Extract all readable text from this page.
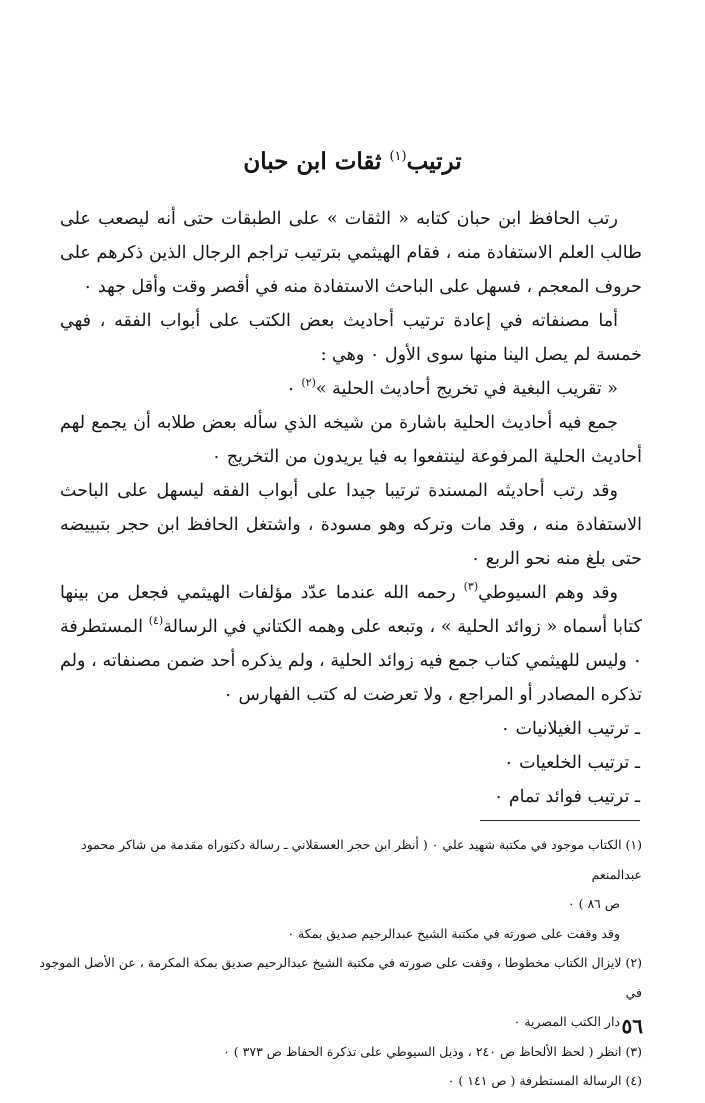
ترتيب$^{(١)}$ ثقات ابن حبان

رتب الحافظ ابن حبان كتابه « الثقات » على الطبقات حتى أنه ليصعب على طالب العلم الاستفادة منه ، فقام الهيثمي بترتيب تراجم الرجال الذين ذكرهم على حروف المعجم ، فسهل على الباحث الاستفادة منه في أقصر وقت وأقل جهد ٠

أما مصنفاته في إعادة ترتيب أحاديث بعض الكتب على أبواب الفقه ، فهي خمسة لم يصل الينا منها سوى الأول ٠ وهي :

« تقريب البغية في تخريج أحاديث الحلية »$^{(٢)}$ ٠

جمع فيه أحاديث الحلية باشارة من شيخه الذي سأله بعض طلابه أن يجمع لهم أحاديث الحلية المرفوعة لينتفعوا به فيا يريدون من التخريج ٠

وقد رتب أحاديثه المسندة ترتيبا جيدا على أبواب الفقه ليسهل على الباحث الاستفادة منه ، وقد مات وتركه وهو مسودة ، واشتغل الحافظ ابن حجر بتبييضه حتى بلغ منه نحو الربع ٠

وقد وهم السيوطي$^{(٣)}$ رحمه الله عندما عدّد مؤلفات الهيثمي فجعل من بينها كتابا أسماه « زوائد الحلية » ، وتبعه على وهمه الكتاني في الرسالة$^{(٤)}$ المستطرفة ٠ وليس للهيثمي كتاب جمع فيه زوائد الحلية ، ولم يذكره أحد ضمن مصنفاته ، ولم تذكره المصادر أو المراجع ، ولا تعرضت له كتب الفهارس ٠

ـ ترتيب الغيلانيات ٠

ـ ترتيب الخلعيات ٠

ـ ترتيب فوائد تمام ٠

(١) الكتاب موجود في مكتبة شهيد علي ٠ ( أنظر ابن حجر العسقلاني ـ رسالة دكتوراه مقدمة من شاكر محمود عبدالمنعم

ص ٨٦ ) ٠

وقد وقفت على صورته في مكتبة الشيخ عبدالرحيم صديق بمكة ٠

(٢) لايزال الكتاب مخطوطا ، وقفت على صورته في مكتبة الشيخ عبدالرحيم صديق بمكة المكرمة ، عن الأصل الموجود في

دار الكتب المصرية ٠

(٣) انظر ( لحظ الألحاظ ص ٢٤٠ ، وذيل السيوطي على تذكرة الحفاظ ص ٣٧٣ ) ٠

(٤) الرسالة المستطرفة ( ص ١٤١ ) ٠

٥٦
